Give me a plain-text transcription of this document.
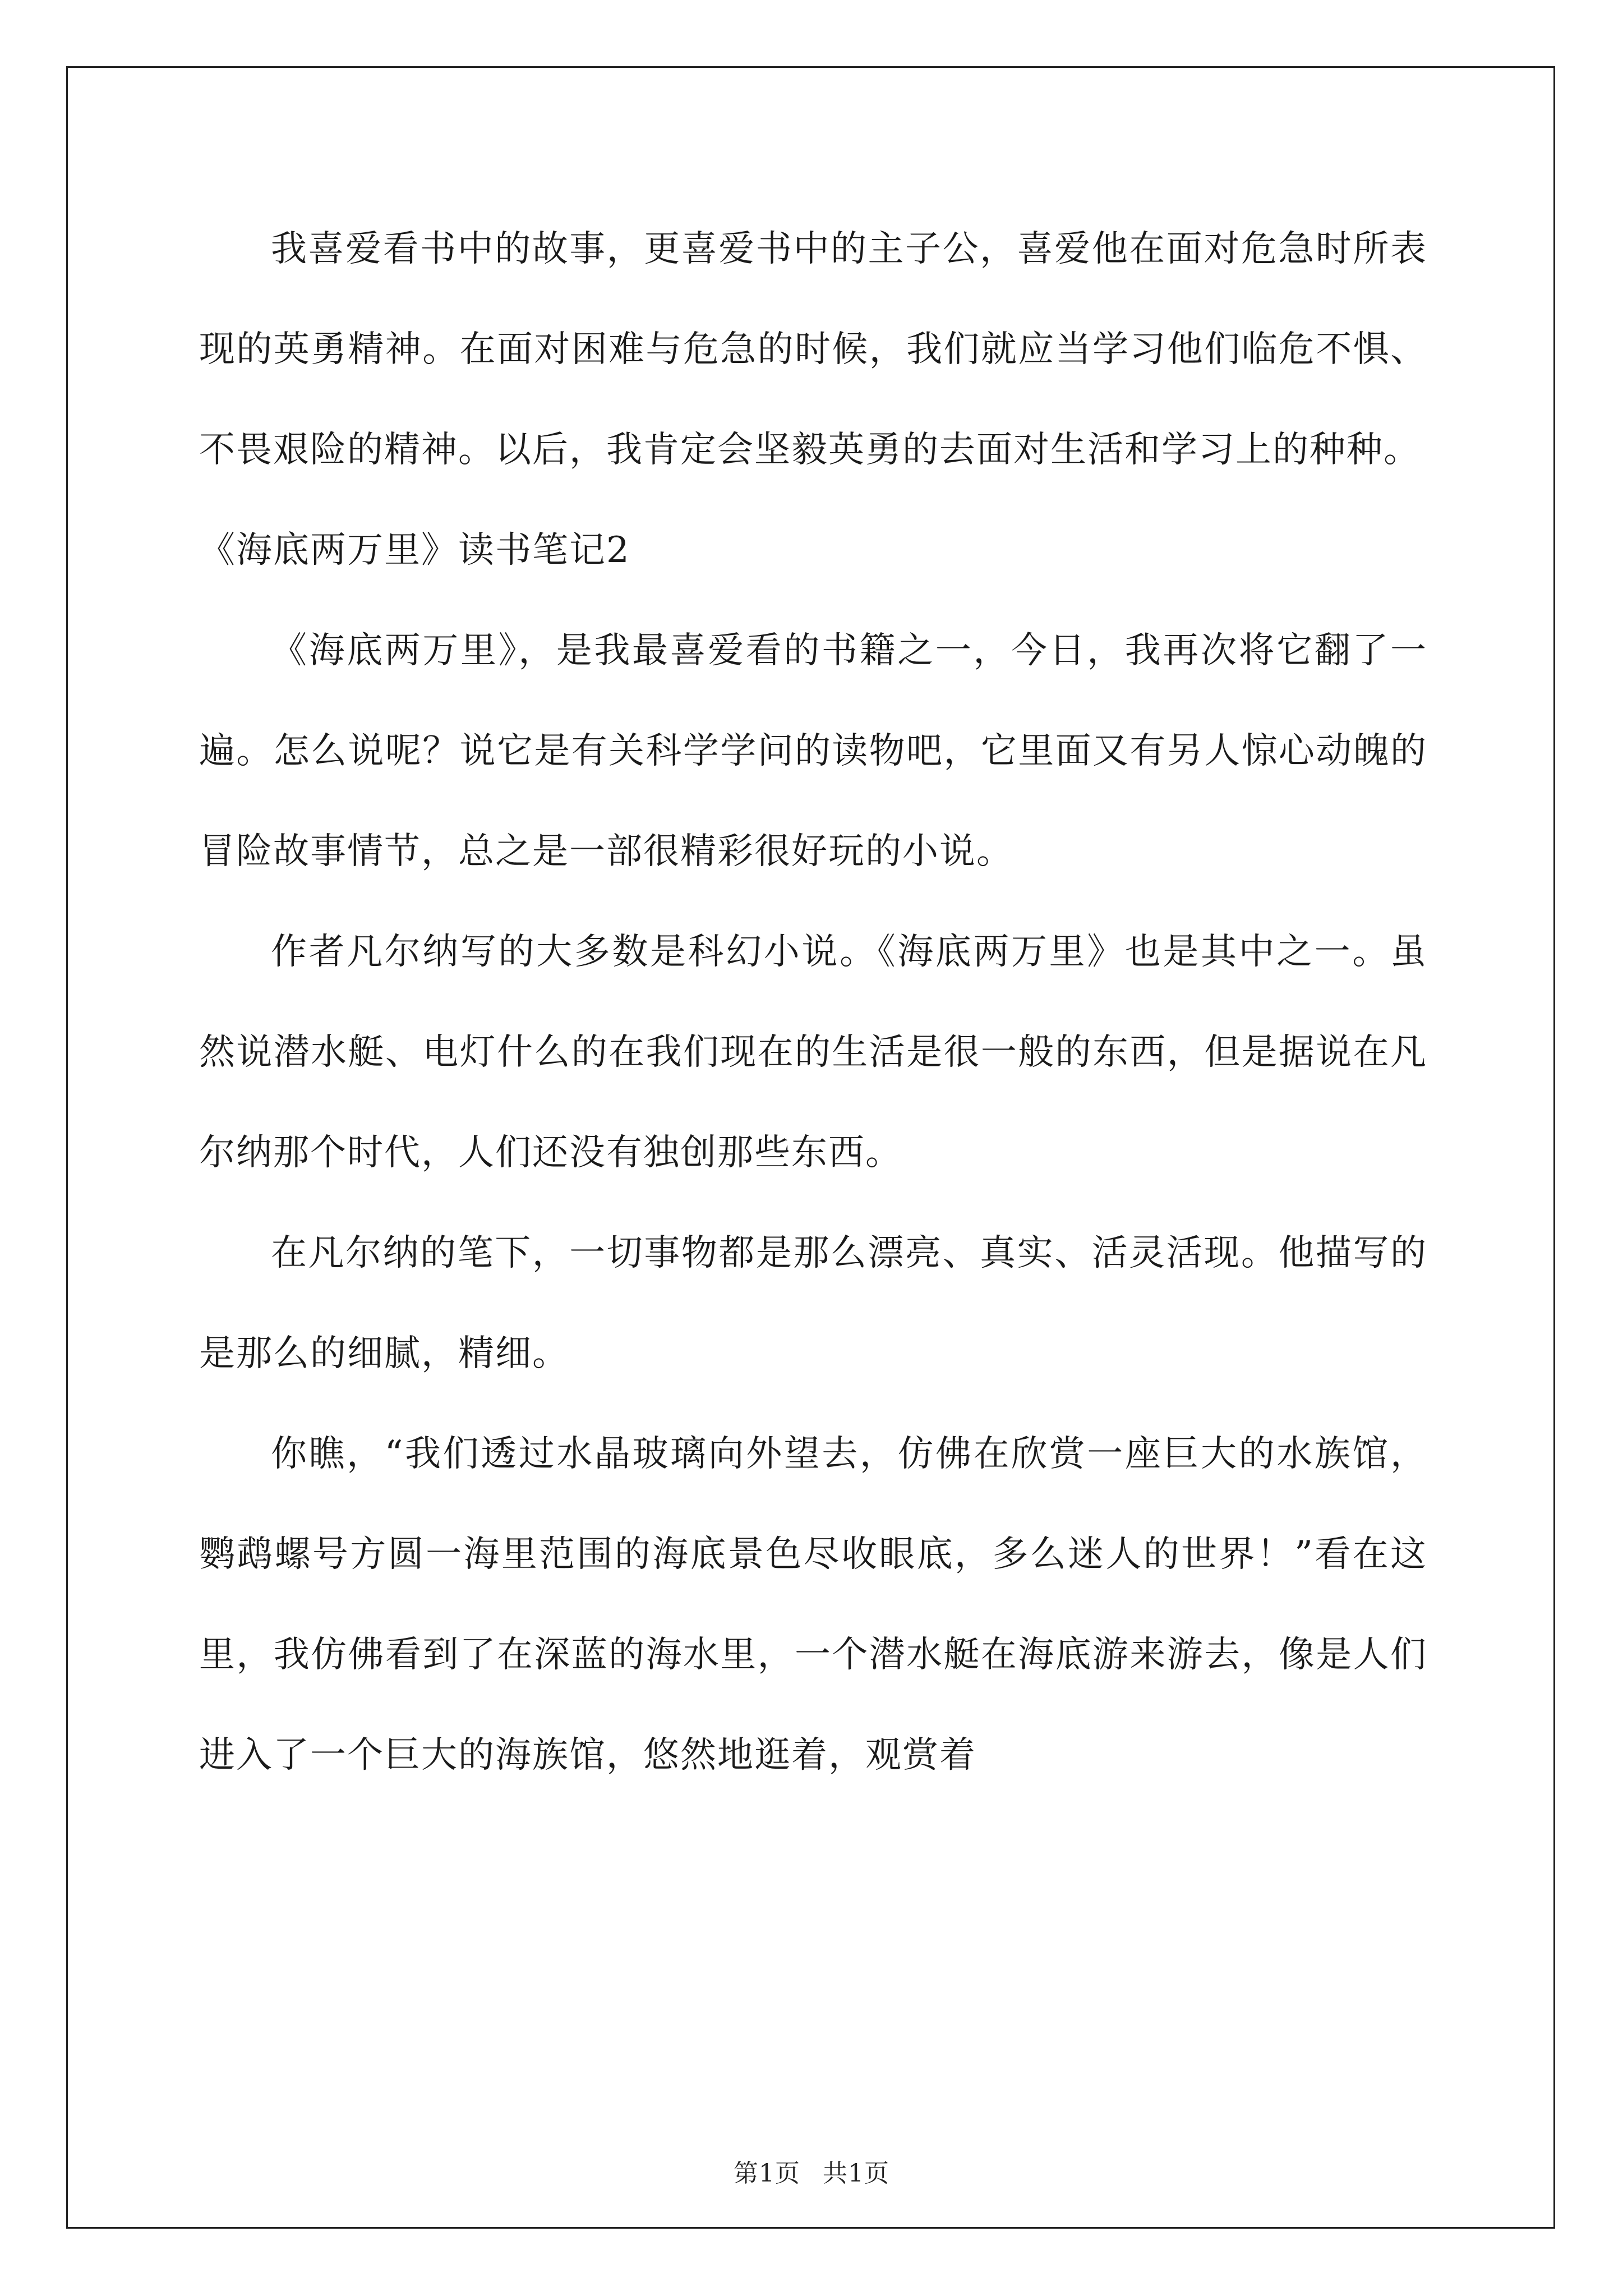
我喜爱看书中的故事，更喜爱书中的主子公，喜爱他在面对危急时所表现的英勇精神。在面对困难与危急的时候，我们就应当学习他们临危不惧、不畏艰险的精神。以后，我肯定会坚毅英勇的去面对生活和学习上的种种。

《海底两万里》读书笔记2

《海底两万里》，是我最喜爱看的书籍之一，今日，我再次将它翻了一遍。怎么说呢？说它是有关科学学问的读物吧，它里面又有另人惊心动魄的冒险故事情节，总之是一部很精彩很好玩的小说。

作者凡尔纳写的大多数是科幻小说。《海底两万里》也是其中之一。虽然说潜水艇、电灯什么的在我们现在的生活是很一般的东西，但是据说在凡尔纳那个时代，人们还没有独创那些东西。

在凡尔纳的笔下，一切事物都是那么漂亮、真实、活灵活现。他描写的是那么的细腻，精细。

你瞧，“我们透过水晶玻璃向外望去，仿佛在欣赏一座巨大的水族馆，鹦鹉螺号方圆一海里范围的海底景色尽收眼底，多么迷人的世界！”看在这里，我仿佛看到了在深蓝的海水里，一个潜水艇在海底游来游去，像是人们进入了一个巨大的海族馆，悠然地逛着，观赏着

第1页 共1页
